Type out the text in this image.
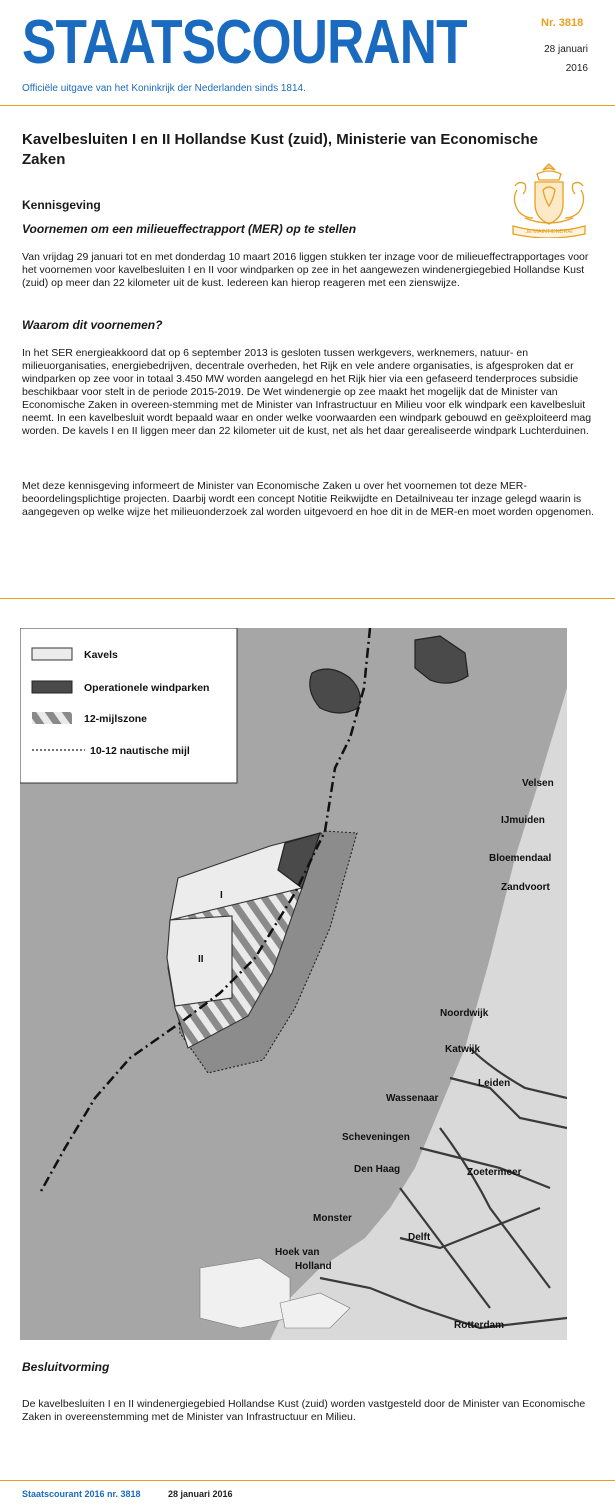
STAATSCOURANT
Officiële uitgave van het Koninkrijk der Nederlanden sinds 1814.
Nr. 3818
28 januari
2016
JE MAINTIENDRAI
Kavelbesluiten I en II Hollandse Kust (zuid), Ministerie van Economische Zaken
Kennisgeving
Voornemen om een milieueffectrapport (MER) op te stellen
Van vrijdag 29 januari tot en met donderdag 10 maart 2016 liggen stukken ter inzage voor de milieueffectrapportages voor het voornemen voor kavelbesluiten I en II voor windparken op zee in het aangewezen windenergiegebied Hollandse Kust (zuid) op meer dan 22 kilometer uit de kust. Iedereen kan hierop reageren met een zienswijze.
Waarom dit voornemen?
In het SER energieakkoord dat op 6 september 2013 is gesloten tussen werkgevers, werknemers, natuur- en milieuorganisaties, energiebedrijven, decentrale overheden, het Rijk en vele andere organisaties, is afgesproken dat er windparken op zee voor in totaal 3.450 MW worden aangelegd en het Rijk hier via een gefaseerd tenderproces subsidie beschikbaar voor stelt in de periode 2015-2019. De Wet windenergie op zee maakt het mogelijk dat de Minister van Economische Zaken in overeen-stemming met de Minister van Infrastructuur en Milieu voor elk windpark een kavelbesluit neemt. In een kavelbesluit wordt bepaald waar en onder welke voorwaarden een windpark gebouwd en geëxploiteerd mag worden. De kavels I en II liggen meer dan 22 kilometer uit de kust, net als het daar gerealiseerde windpark Luchterduinen.
Met deze kennisgeving informeert de Minister van Economische Zaken u over het voornemen tot deze MER-beoordelingsplichtige projecten. Daarbij wordt een concept Notitie Reikwijdte en Detailniveau ter inzage gelegd waarin is aangegeven op welke wijze het milieuonderzoek zal worden uitgevoerd en hoe dit in de MER-en moet worden opgenomen.
I
II
Kavels
Operationele windparken
12-mijlszone
10-12 nautische mijl
Velsen
IJmuiden
Bloemendaal
Zandvoort
Noordwijk
Katwijk
Leiden
Wassenaar
Scheveningen
Den Haag	Zoetermeer
Monster
Delft
Hoek van
Holland
Rotterdam
Besluitvorming
De kavelbesluiten I en II windenergiegebied Hollandse Kust (zuid) worden vastgesteld door de Minister van Economische Zaken in overeenstemming met de Minister van Infrastructuur en Milieu.
Staatscourant 2016 nr. 3818	28 januari 2016
